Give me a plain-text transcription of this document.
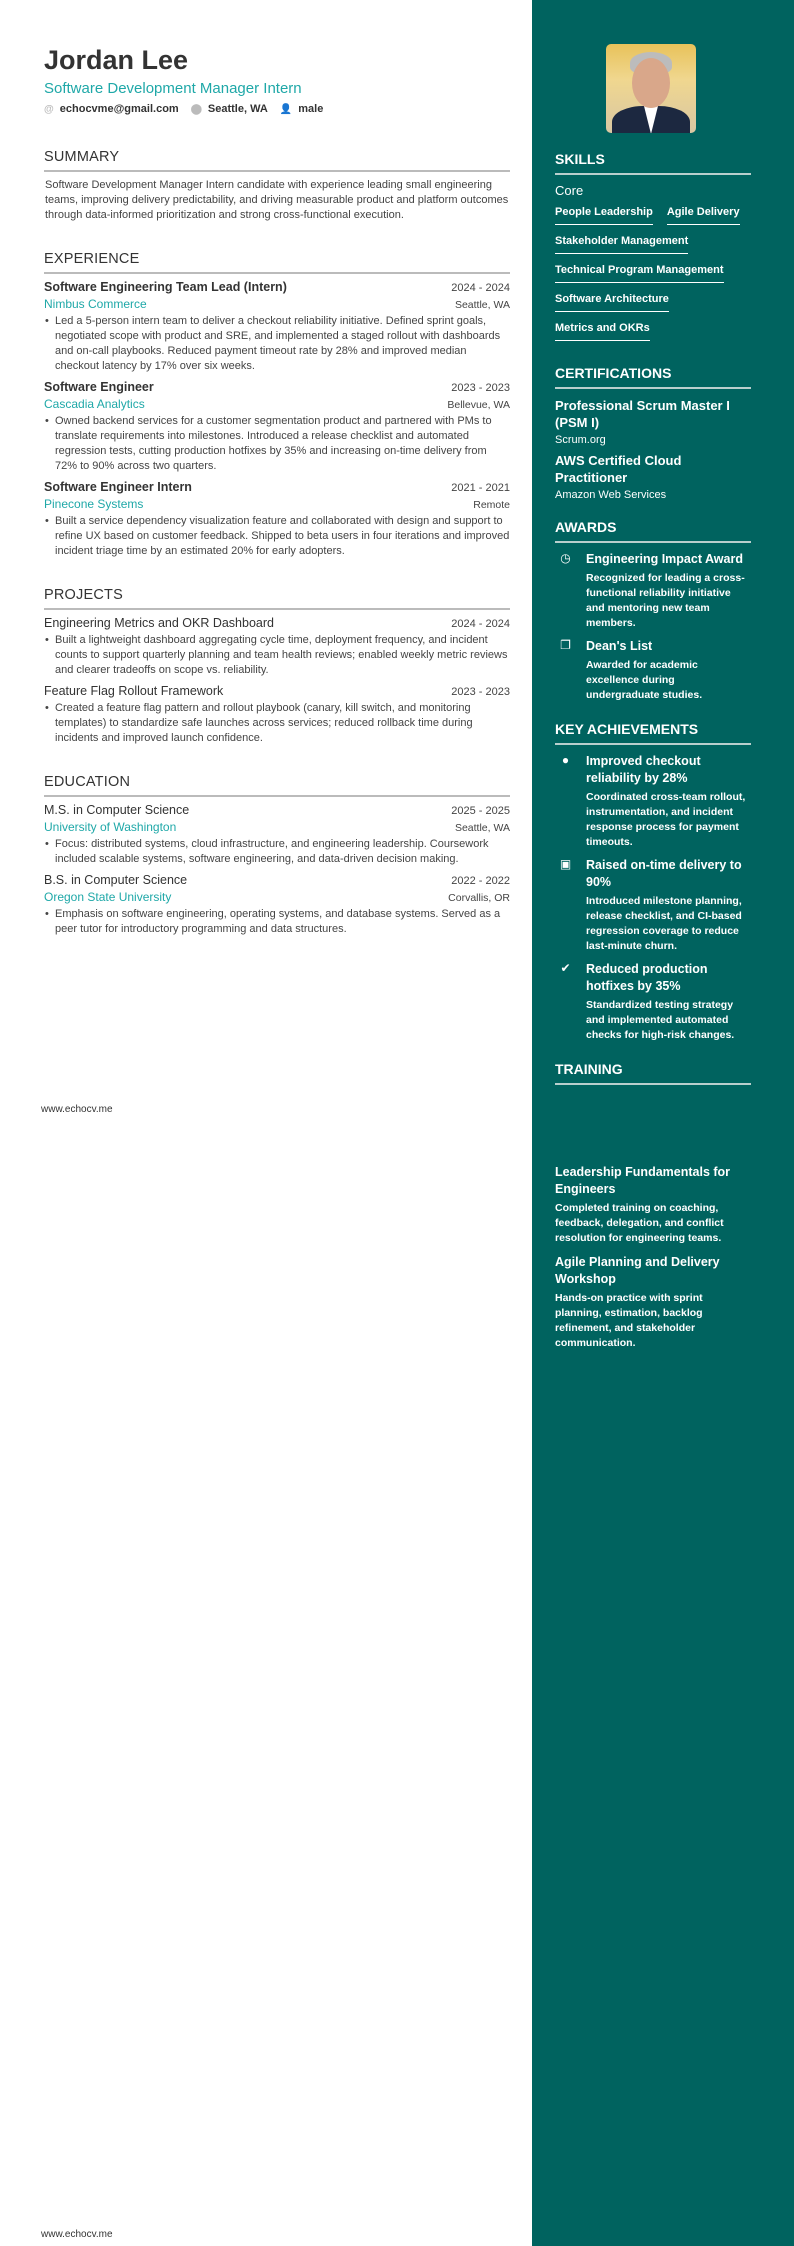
Jordan Lee
Software Development Manager Intern
@ echocvme@gmail.com ⬤ Seattle, WA 👤 male
SUMMARY
Software Development Manager Intern candidate with experience leading small engineering teams, improving delivery predictability, and driving measurable product and platform outcomes through data-informed prioritization and strong cross-functional execution.
EXPERIENCE
Software Engineering Team Lead (Intern)	2024 - 2024
Nimbus Commerce	Seattle, WA
• Led a 5-person intern team to deliver a checkout reliability initiative. Defined sprint goals, negotiated scope with product and SRE, and implemented a staged rollout with dashboards and on-call playbooks. Reduced payment timeout rate by 28% and improved median checkout latency by 17% over six weeks.
Software Engineer	2023 - 2023
Cascadia Analytics	Bellevue, WA
• Owned backend services for a customer segmentation product and partnered with PMs to translate requirements into milestones. Introduced a release checklist and automated regression tests, cutting production hotfixes by 35% and increasing on-time delivery from 72% to 90% across two quarters.
Software Engineer Intern	2021 - 2021
Pinecone Systems	Remote
• Built a service dependency visualization feature and collaborated with design and support to refine UX based on customer feedback. Shipped to beta users in four iterations and improved incident triage time by an estimated 20% for early adopters.
PROJECTS
Engineering Metrics and OKR Dashboard	2024 - 2024
• Built a lightweight dashboard aggregating cycle time, deployment frequency, and incident counts to support quarterly planning and team health reviews; enabled weekly metric reviews and clearer tradeoffs on scope vs. reliability.
Feature Flag Rollout Framework	2023 - 2023
• Created a feature flag pattern and rollout playbook (canary, kill switch, and monitoring templates) to standardize safe launches across services; reduced rollback time during incidents and improved launch confidence.
EDUCATION
M.S. in Computer Science	2025 - 2025
University of Washington	Seattle, WA
• Focus: distributed systems, cloud infrastructure, and engineering leadership. Coursework included scalable systems, software engineering, and data-driven decision making.
B.S. in Computer Science	2022 - 2022
Oregon State University	Corvallis, OR
• Emphasis on software engineering, operating systems, and database systems. Served as a peer tutor for introductory programming and data structures.
www.echocv.me
www.echocv.me
SKILLS
Core
People Leadership Agile Delivery
Stakeholder Management
Technical Program Management
Software Architecture
Metrics and OKRs
CERTIFICATIONS
Professional Scrum Master I (PSM I)
Scrum.org
AWS Certified Cloud Practitioner
Amazon Web Services
AWARDS
◷ Engineering Impact Award
Recognized for leading a cross-functional reliability initiative and mentoring new team members.
❐ Dean's List
Awarded for academic excellence during undergraduate studies.
KEY ACHIEVEMENTS
● Improved checkout reliability by 28%
Coordinated cross-team rollout, instrumentation, and incident response process for payment timeouts.
▣ Raised on-time delivery to 90%
Introduced milestone planning, release checklist, and CI-based regression coverage to reduce last-minute churn.
✔ Reduced production hotfixes by 35%
Standardized testing strategy and implemented automated checks for high-risk changes.
TRAINING
Leadership Fundamentals for Engineers
Completed training on coaching, feedback, delegation, and conflict resolution for engineering teams.
Agile Planning and Delivery Workshop
Hands-on practice with sprint planning, estimation, backlog refinement, and stakeholder communication.
